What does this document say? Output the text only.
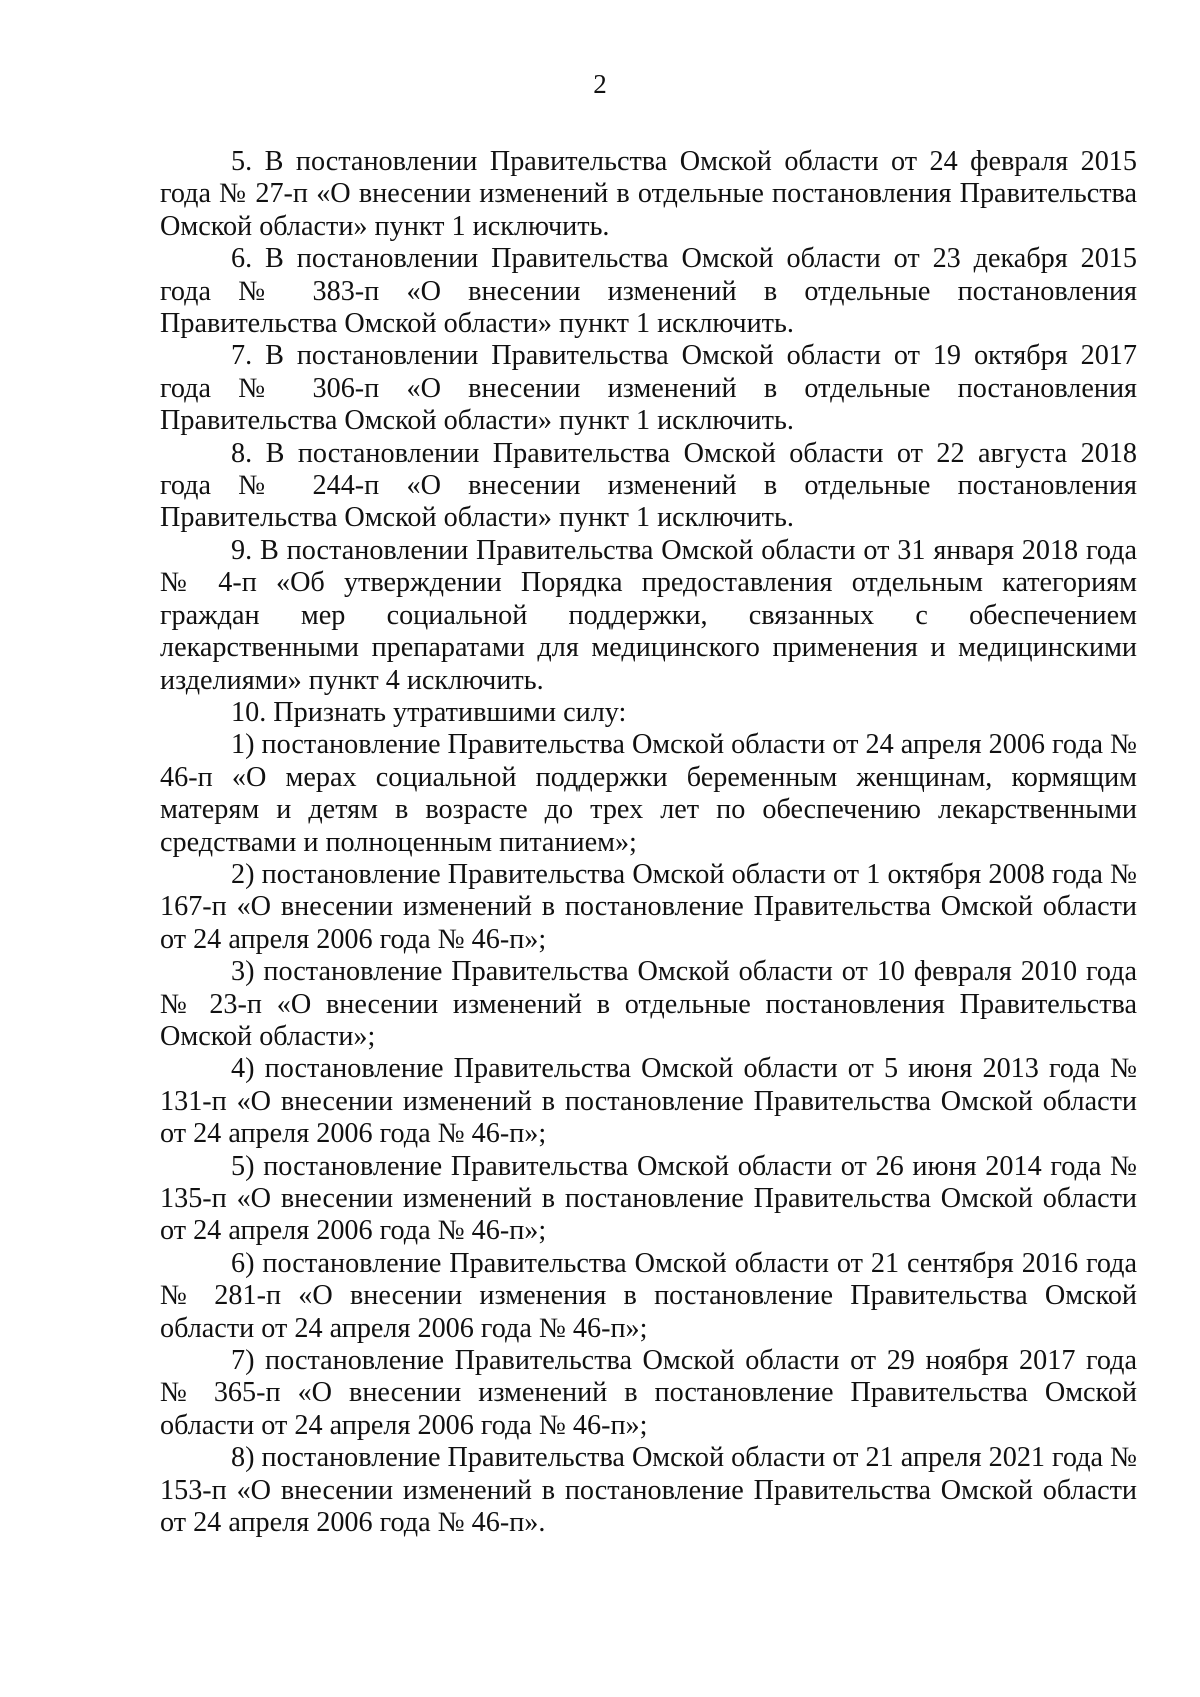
2

5. В постановлении Правительства Омской области от 24 февраля 2015 года № 27-п «О внесении изменений в отдельные постановления Правительства Омской области» пункт 1 исключить.

6. В постановлении Правительства Омской области от 23 декабря 2015 года № 383-п «О внесении изменений в отдельные постановления Правительства Омской области» пункт 1 исключить.

7. В постановлении Правительства Омской области от 19 октября 2017 года № 306-п «О внесении изменений в отдельные постановления Правительства Омской области» пункт 1 исключить.

8. В постановлении Правительства Омской области от 22 августа 2018 года № 244-п «О внесении изменений в отдельные постановления Правительства Омской области» пункт 1 исключить.

9. В постановлении Правительства Омской области от 31 января 2018 года № 4-п «Об утверждении Порядка предоставления отдельным категориям граждан мер социальной поддержки, связанных с обеспечением лекарственными препаратами для медицинского применения и медицинскими изделиями» пункт 4 исключить.

10. Признать утратившими силу:

1) постановление Правительства Омской области от 24 апреля 2006 года № 46-п «О мерах социальной поддержки беременным женщинам, кормящим матерям и детям в возрасте до трех лет по обеспечению лекарственными средствами и полноценным питанием»;

2) постановление Правительства Омской области от 1 октября 2008 года № 167-п «О внесении изменений в постановление Правительства Омской области от 24 апреля 2006 года № 46-п»;

3) постановление Правительства Омской области от 10 февраля 2010 года № 23-п «О внесении изменений в отдельные постановления Правительства Омской области»;

4) постановление Правительства Омской области от 5 июня 2013 года № 131-п «О внесении изменений в постановление Правительства Омской области от 24 апреля 2006 года № 46-п»;

5) постановление Правительства Омской области от 26 июня 2014 года № 135-п «О внесении изменений в постановление Правительства Омской области от 24 апреля 2006 года № 46-п»;

6) постановление Правительства Омской области от 21 сентября 2016 года № 281-п «О внесении изменения в постановление Правительства Омской области от 24 апреля 2006 года № 46-п»;

7) постановление Правительства Омской области от 29 ноября 2017 года № 365-п «О внесении изменений в постановление Правительства Омской области от 24 апреля 2006 года № 46-п»;

8) постановление Правительства Омской области от 21 апреля 2021 года № 153-п «О внесении изменений в постановление Правительства Омской области от 24 апреля 2006 года № 46-п».
